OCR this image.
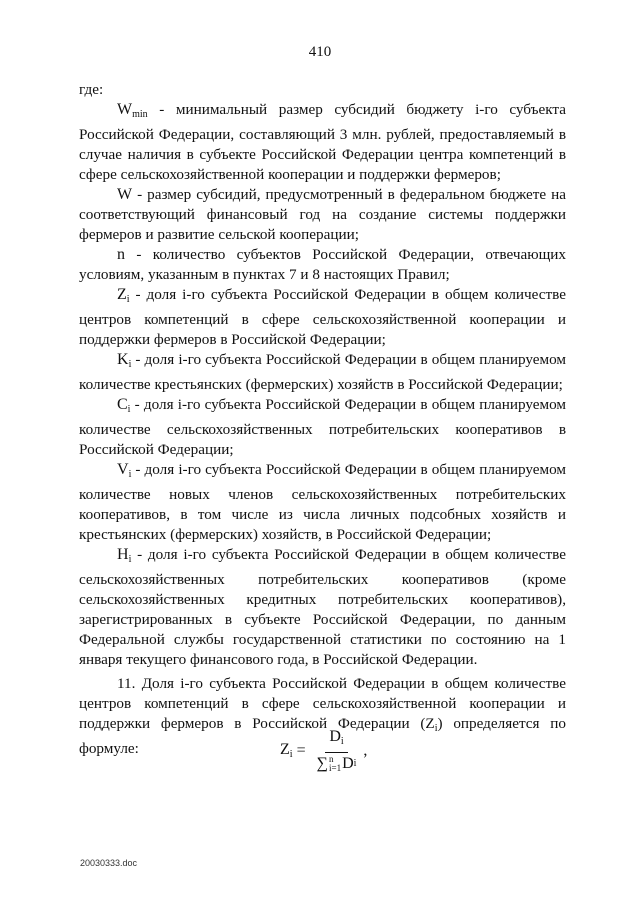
410

где:

$W_{min}$ - минимальный размер субсидий бюджету i-го субъекта Российской Федерации, составляющий 3 млн. рублей, предоставляемый в случае наличия в субъекте Российской Федерации центра компетенций в сфере сельскохозяйственной кооперации и поддержки фермеров;

W - размер субсидий, предусмотренный в федеральном бюджете на соответствующий финансовый год на создание системы поддержки фермеров и развитие сельской кооперации;

n - количество субъектов Российской Федерации, отвечающих условиям, указанным в пунктах 7 и 8 настоящих Правил;

$Z_i$ - доля i-го субъекта Российской Федерации в общем количестве центров компетенций в сфере сельскохозяйственной кооперации и поддержки фермеров в Российской Федерации;

$K_i$ - доля i-го субъекта Российской Федерации в общем планируемом количестве крестьянских (фермерских) хозяйств в Российской Федерации;

$C_i$ - доля i-го субъекта Российской Федерации в общем планируемом количестве сельскохозяйственных потребительских кооперативов в Российской Федерации;

$V_i$ - доля i-го субъекта Российской Федерации в общем планируемом количестве новых членов сельскохозяйственных потребительских кооперативов, в том числе из числа личных подсобных хозяйств и крестьянских (фермерских) хозяйств, в Российской Федерации;

$H_i$ - доля i-го субъекта Российской Федерации в общем количестве сельскохозяйственных потребительских кооперативов (кроме сельскохозяйственных кредитных потребительских кооперативов), зарегистрированных в субъекте Российской Федерации, по данным Федеральной службы государственной статистики по состоянию на 1 января текущего финансового года, в Российской Федерации.

11. Доля i-го субъекта Российской Федерации в общем количестве центров компетенций в сфере сельскохозяйственной кооперации и поддержки фермеров в Российской Федерации $(Z_i)$ определяется по формуле:	$Z_i = D_i$
∑ n
i=1 D i ,
20030333.doc
